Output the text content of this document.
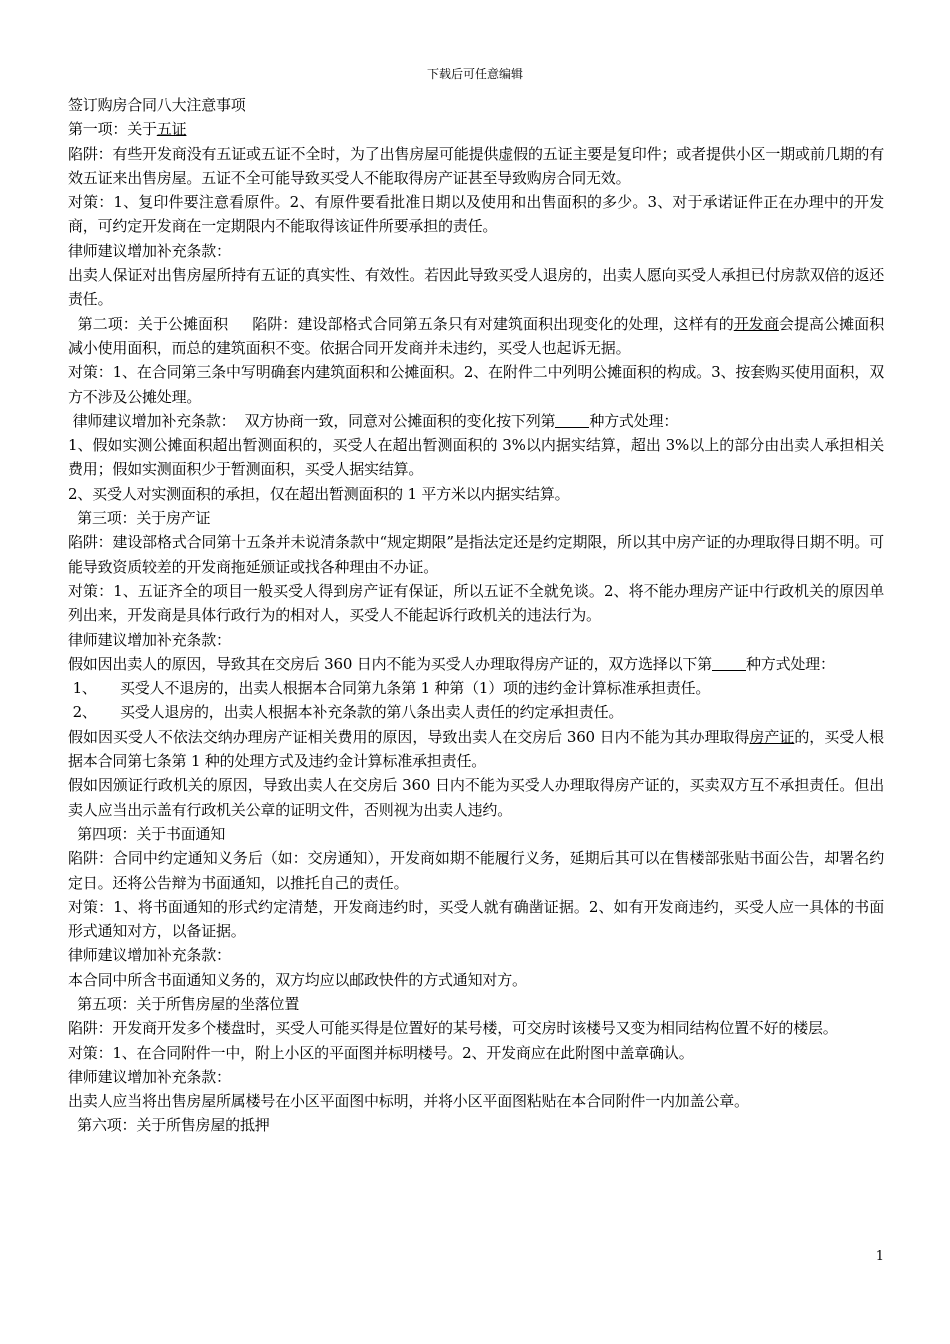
下载后可任意编辑

签订购房合同八大注意事项

第一项：关于五证

陷阱：有些开发商没有五证或五证不全时，为了出售房屋可能提供虚假的五证主要是复印件；或者提供小区一期或前几期的有效五证来出售房屋。五证不全可能导致买受人不能取得房产证甚至导致购房合同无效。

对策：1、复印件要注意看原件。2、有原件要看批准日期以及使用和出售面积的多少。3、对于承诺证件正在办理中的开发商，可约定开发商在一定期限内不能取得该证件所要承担的责任。

律师建议增加补充条款：

出卖人保证对出售房屋所持有五证的真实性、有效性。若因此导致买受人退房的，出卖人愿向买受人承担已付房款双倍的返还责任。

第二项：关于公摊面积     陷阱：建设部格式合同第五条只有对建筑面积出现变化的处理，这样有的开发商会提高公摊面积减小使用面积，而总的建筑面积不变。依据合同开发商并未违约，买受人也起诉无据。

对策：1、在合同第三条中写明确套内建筑面积和公摊面积。2、在附件二中列明公摊面积的构成。3、按套购买使用面积，双方不涉及公摊处理。

律师建议增加补充条款：  双方协商一致，同意对公摊面积的变化按下列第 种方式处理：

1、假如实测公摊面积超出暂测面积的，买受人在超出暂测面积的 3%以内据实结算，超出 3%以上的部分由出卖人承担相关费用；假如实测面积少于暂测面积，买受人据实结算。

2、买受人对实测面积的承担，仅在超出暂测面积的 1 平方米以内据实结算。

第三项：关于房产证

陷阱：建设部格式合同第十五条并未说清条款中“规定期限”是指法定还是约定期限，所以其中房产证的办理取得日期不明。可能导致资质较差的开发商拖延颁证或找各种理由不办证。

对策：1、五证齐全的项目一般买受人得到房产证有保证，所以五证不全就免谈。2、将不能办理房产证中行政机关的原因单列出来，开发商是具体行政行为的相对人，买受人不能起诉行政机关的违法行为。

律师建议增加补充条款：

假如因出卖人的原因，导致其在交房后 360 日内不能为买受人办理取得房产证的，双方选择以下第 种方式处理：

1、 买受人不退房的，出卖人根据本合同第九条第 1 种第（1）项的违约金计算标准承担责任。

2、 买受人退房的，出卖人根据本补充条款的第八条出卖人责任的约定承担责任。

假如因买受人不依法交纳办理房产证相关费用的原因，导致出卖人在交房后 360 日内不能为其办理取得房产证的，买受人根据本合同第七条第 1 种的处理方式及违约金计算标准承担责任。

假如因颁证行政机关的原因，导致出卖人在交房后 360 日内不能为买受人办理取得房产证的，买卖双方互不承担责任。但出卖人应当出示盖有行政机关公章的证明文件，否则视为出卖人违约。

第四项：关于书面通知

陷阱：合同中约定通知义务后（如：交房通知），开发商如期不能履行义务，延期后其可以在售楼部张贴书面公告，却署名约定日。还将公告辩为书面通知，以推托自己的责任。

对策：1、将书面通知的形式约定清楚，开发商违约时，买受人就有确凿证据。2、如有开发商违约，买受人应一具体的书面形式通知对方，以备证据。

律师建议增加补充条款：

本合同中所含书面通知义务的，双方均应以邮政快件的方式通知对方。

第五项：关于所售房屋的坐落位置

陷阱：开发商开发多个楼盘时，买受人可能买得是位置好的某号楼，可交房时该楼号又变为相同结构位置不好的楼层。

对策：1、在合同附件一中，附上小区的平面图并标明楼号。2、开发商应在此附图中盖章确认。

律师建议增加补充条款：

出卖人应当将出售房屋所属楼号在小区平面图中标明，并将小区平面图粘贴在本合同附件一内加盖公章。

第六项：关于所售房屋的抵押

1
